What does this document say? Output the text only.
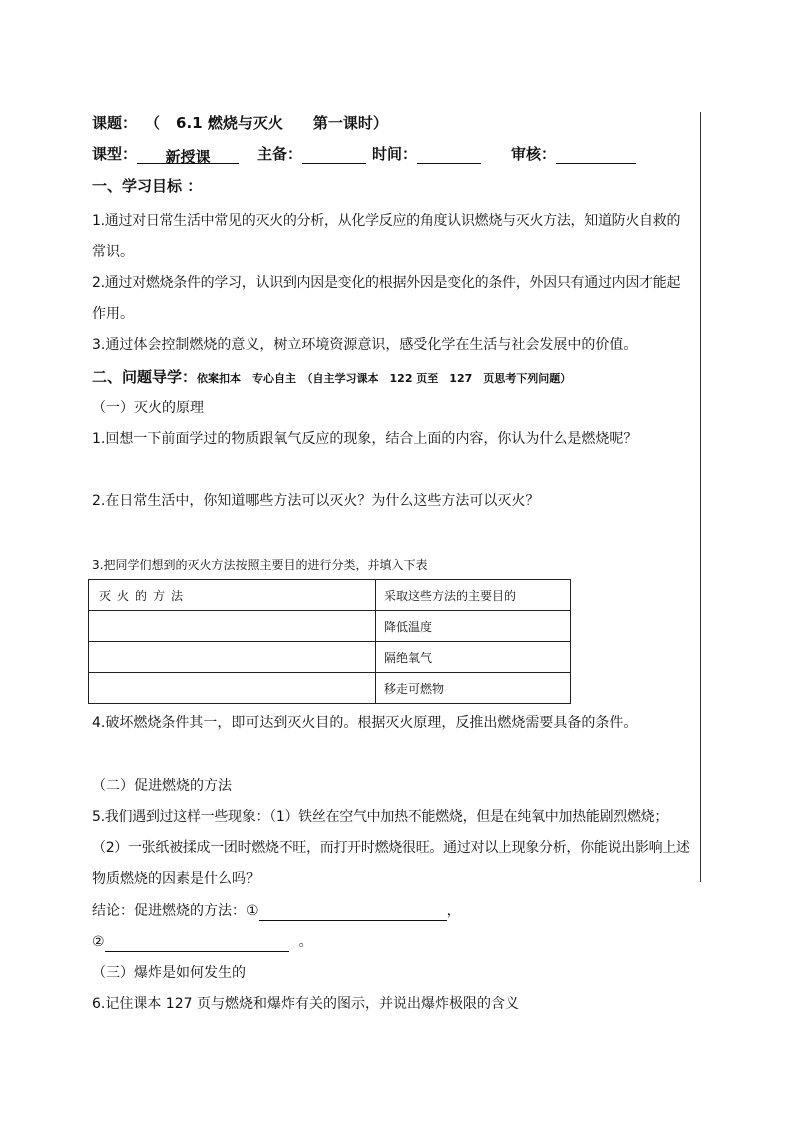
课题： （ 6.1 燃烧与灭火 第一课时）
课型： 新授课	主备：	时间：	审核：
一、学习目标 ：
1.通过对日常生活中常见的灭火的分析，从化学反应的角度认识燃烧与灭火方法，知道防火自救的
常识。
2.通过对燃烧条件的学习，认识到内因是变化的根据外因是变化的条件，外因只有通过内因才能起
作用。
3.通过体会控制燃烧的意义，树立环境资源意识，感受化学在生活与社会发展中的价值。
二、问题导学：依案扣本　专心自主　（自主学习课本　122 页至　127　页思考下列问题）
（一）灭火的原理
1.回想一下前面学过的物质跟氧气反应的现象，结合上面的内容，你认为什么是燃烧呢？
2.在日常生活中，你知道哪些方法可以灭火？为什么这些方法可以灭火？
3.把同学们想到的灭火方法按照主要目的进行分类，并填入下表
灭火的方法	采取这些方法的主要目的
	降低温度
	隔绝氧气
	移走可燃物
4.破坏燃烧条件其一，即可达到灭火目的。根据灭火原理，反推出燃烧需要具备的条件。
（二）促进燃烧的方法
5.我们遇到过这样一些现象：（1）铁丝在空气中加热不能燃烧，但是在纯氧中加热能剧烈燃烧；
（2）一张纸被揉成一团时燃烧不旺，而打开时燃烧很旺。通过对以上现象分析，你能说出影响上述
物质燃烧的因素是什么吗？
结论：促进燃烧的方法：①	，
②	。
（三）爆炸是如何发生的
6.记住课本 127 页与燃烧和爆炸有关的图示，并说出爆炸极限的含义
